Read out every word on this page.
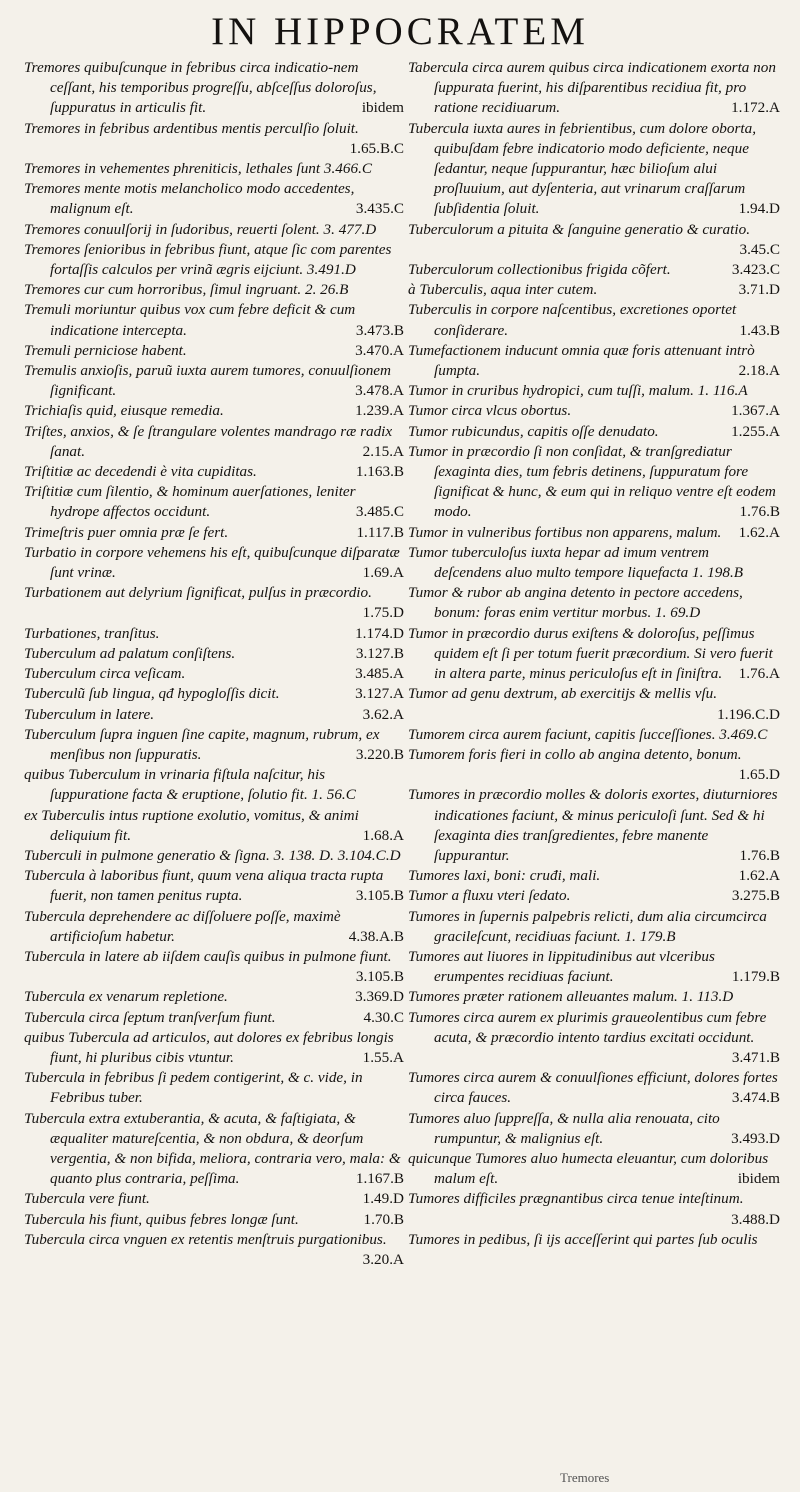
IN HIPPOCRATEM
Tremores quibuſcunque in febribus circa indicatio-nem ceſſant, his temporibus progreſſu, abſceſſus doloroſus, ſuppuratus in articulis fit.	ibidem
Tremores in febribus ardentibus mentis perculſio ſoluit.
1.65.B.C
Tremores in vehementes phreniticis, lethales ſunt 3.466.C
Tremores mente motis melancholico modo accedentes, malignum eſt.	3.435.C
Tremores conuulſorij in ſudoribus, reuerti ſolent. 3. 477.D
Tremores ſenioribus in febribus fiunt, atque ſic com parentes fortaſſis calculos per vrinã ægris eijciunt. 3.491.D
Tremores cur cum horroribus, ſimul ingruant. 2. 26.B
Tremuli moriuntur quibus vox cum febre deficit & cum indicatione intercepta.	3.473.B
Tremuli perniciose habent.	3.470.A
Tremulis anxioſis, paruũ iuxta aurem tumores, conuulſionem ſignificant.	3.478.A
Trichiaſis quid, eiusque remedia.	1.239.A
Triſtes, anxios, & ſe ſtrangulare volentes mandrago ræ radix ſanat.	2.15.A
Triſtitiæ ac decedendi è vita cupiditas.	1.163.B
Triſtitiæ cum ſilentio, & hominum auerſationes, leniter hydrope affectos occidunt.	3.485.C
Trimeſtris puer omnia præ ſe fert.	1.117.B
Turbatio in corpore vehemens his eſt, quibuſcunque diſparatæ ſunt vrinæ.	1.69.A
Turbationem aut delyrium ſignificat, pulſus in præcordio.
1.75.D
Turbationes, tranſitus.	1.174.D
Tuberculum ad palatum conſiſtens.	3.127.B
Tuberculum circa veſicam.	3.485.A
Tuberculũ ſub lingua, qđ hypogloſſis dicit.	3.127.A
Tuberculum in latere.	3.62.A
Tuberculum ſupra inguen ſine capite, magnum, rubrum, ex menſibus non ſuppuratis.	3.220.B
quibus Tuberculum in vrinaria fiſtula naſcitur, his ſuppuratione facta & eruptione, ſolutio fit. 1. 56.C
ex Tuberculis intus ruptione exolutio, vomitus, & animi deliquium fit.	1.68.A
Tuberculi in pulmone generatio & ſigna. 3. 138. D. 3.104.C.D
Tubercula à laboribus fiunt, quum vena aliqua tracta rupta fuerit, non tamen penitus rupta.	3.105.B
Tubercula deprehendere ac diſſoluere poſſe, maximè artificioſum habetur.	4.38.A.B
Tubercula in latere ab iiſdem cauſis quibus in pulmone fiunt.
3.105.B
Tubercula ex venarum repletione.	3.369.D
Tubercula circa ſeptum tranſverſum fiunt.	4.30.C
quibus Tubercula ad articulos, aut dolores ex febribus longis fiunt, hi pluribus cibis vtuntur.	1.55.A
Tubercula in febribus ſi pedem contigerint, & c. vide, in Febribus tuber.
Tubercula extra extuberantia, & acuta, & faſtigiata, & æqualiter matureſcentia, & non obdura, & deorſum vergentia, & non bifida, meliora, contraria vero, mala: & quanto plus contraria, peſſima.	1.167.B
Tubercula vere fiunt.	1.49.D
Tubercula his fiunt, quibus febres longæ ſunt.	1.70.B
Tubercula circa vnguen ex retentis menſtruis purgationibus.
3.20.A
Tabercula circa aurem quibus circa indicationem exorta non ſuppurata fuerint, his diſparentibus recidiua fit, pro ratione recidiuarum.	1.172.A
Tubercula iuxta aures in febrientibus, cum dolore oborta, quibuſdam febre indicatorio modo deficiente, neque ſedantur, neque ſuppurantur, hæc bilioſum alui proſluuium, aut dyſenteria, aut vrinarum craſſarum ſubſidentia ſoluit.	1.94.D
Tuberculorum a pituita & ſanguine generatio & curatio.
3.45.C
Tuberculorum collectionibus frigida cõfert.	3.423.C
à Tuberculis, aqua inter cutem.	3.71.D
Tuberculis in corpore naſcentibus, excretiones oportet conſiderare.	1.43.B
Tumefactionem inducunt omnia quæ foris attenuant intrò ſumpta.	2.18.A
Tumor in cruribus hydropici, cum tuſſi, malum. 1. 116.A
Tumor circa vlcus obortus.	1.367.A
Tumor rubicundus, capitis oſſe denudato.	1.255.A
Tumor in præcordio ſi non conſidat, & tranſgrediatur ſexaginta dies, tum febris detinens, ſuppuratum fore ſignificat & hunc, & eum qui in reliquo ventre eſt eodem modo.	1.76.B
Tumor in vulneribus fortibus non apparens, malum.	1.62.A
Tumor tuberculoſus iuxta hepar ad imum ventrem deſcendens aluo multo tempore liquefacta 1. 198.B
Tumor & rubor ab angina detento in pectore accedens, bonum: foras enim vertitur morbus. 1. 69.D
Tumor in præcordio durus exiſtens & doloroſus, peſſimus quidem eſt ſi per totum fuerit præcordium. Si vero fuerit in altera parte, minus periculoſus eſt in ſiniſtra.	1.76.A
Tumor ad genu dextrum, ab exercitijs & mellis vſu.
1.196.C.D
Tumorem circa aurem faciunt, capitis ſucceſſiones. 3.469.C
Tumorem foris fieri in collo ab angina detento, bonum.
1.65.D
Tumores in præcordio molles & doloris exortes, diuturniores indicationes faciunt, & minus periculoſi ſunt. Sed & hi ſexaginta dies tranſgredientes, febre manente ſuppurantur.	1.76.B
Tumores laxi, boni: cruđi, mali.	1.62.A
Tumor a fluxu vteri ſedato.	3.275.B
Tumores in ſupernis palpebris relicti, dum alia circumcirca gracileſcunt, recidiuas faciunt. 1. 179.B
Tumores aut liuores in lippitudinibus aut vlceribus erumpentes recidiuas faciunt.	1.179.B
Tumores præter rationem alleuantes malum. 1. 113.D
Tumores circa aurem ex plurimis graueolentibus cum febre acuta, & præcordio intento tardius excitati occidunt.
3.471.B
Tumores circa aurem & conuulſiones efficiunt, dolores fortes circa fauces.	3.474.B
Tumores aluo ſuppreſſa, & nulla alia renouata, cito rumpuntur, & malignius eſt.	3.493.D
quicunque Tumores aluo humecta eleuantur, cum doloribus malum eſt.	ibidem
Tumores difficiles prægnantibus circa tenue inteſtinum.
3.488.D
Tumores in pedibus, ſi ijs acceſſerint qui partes ſub oculis
Tremores
